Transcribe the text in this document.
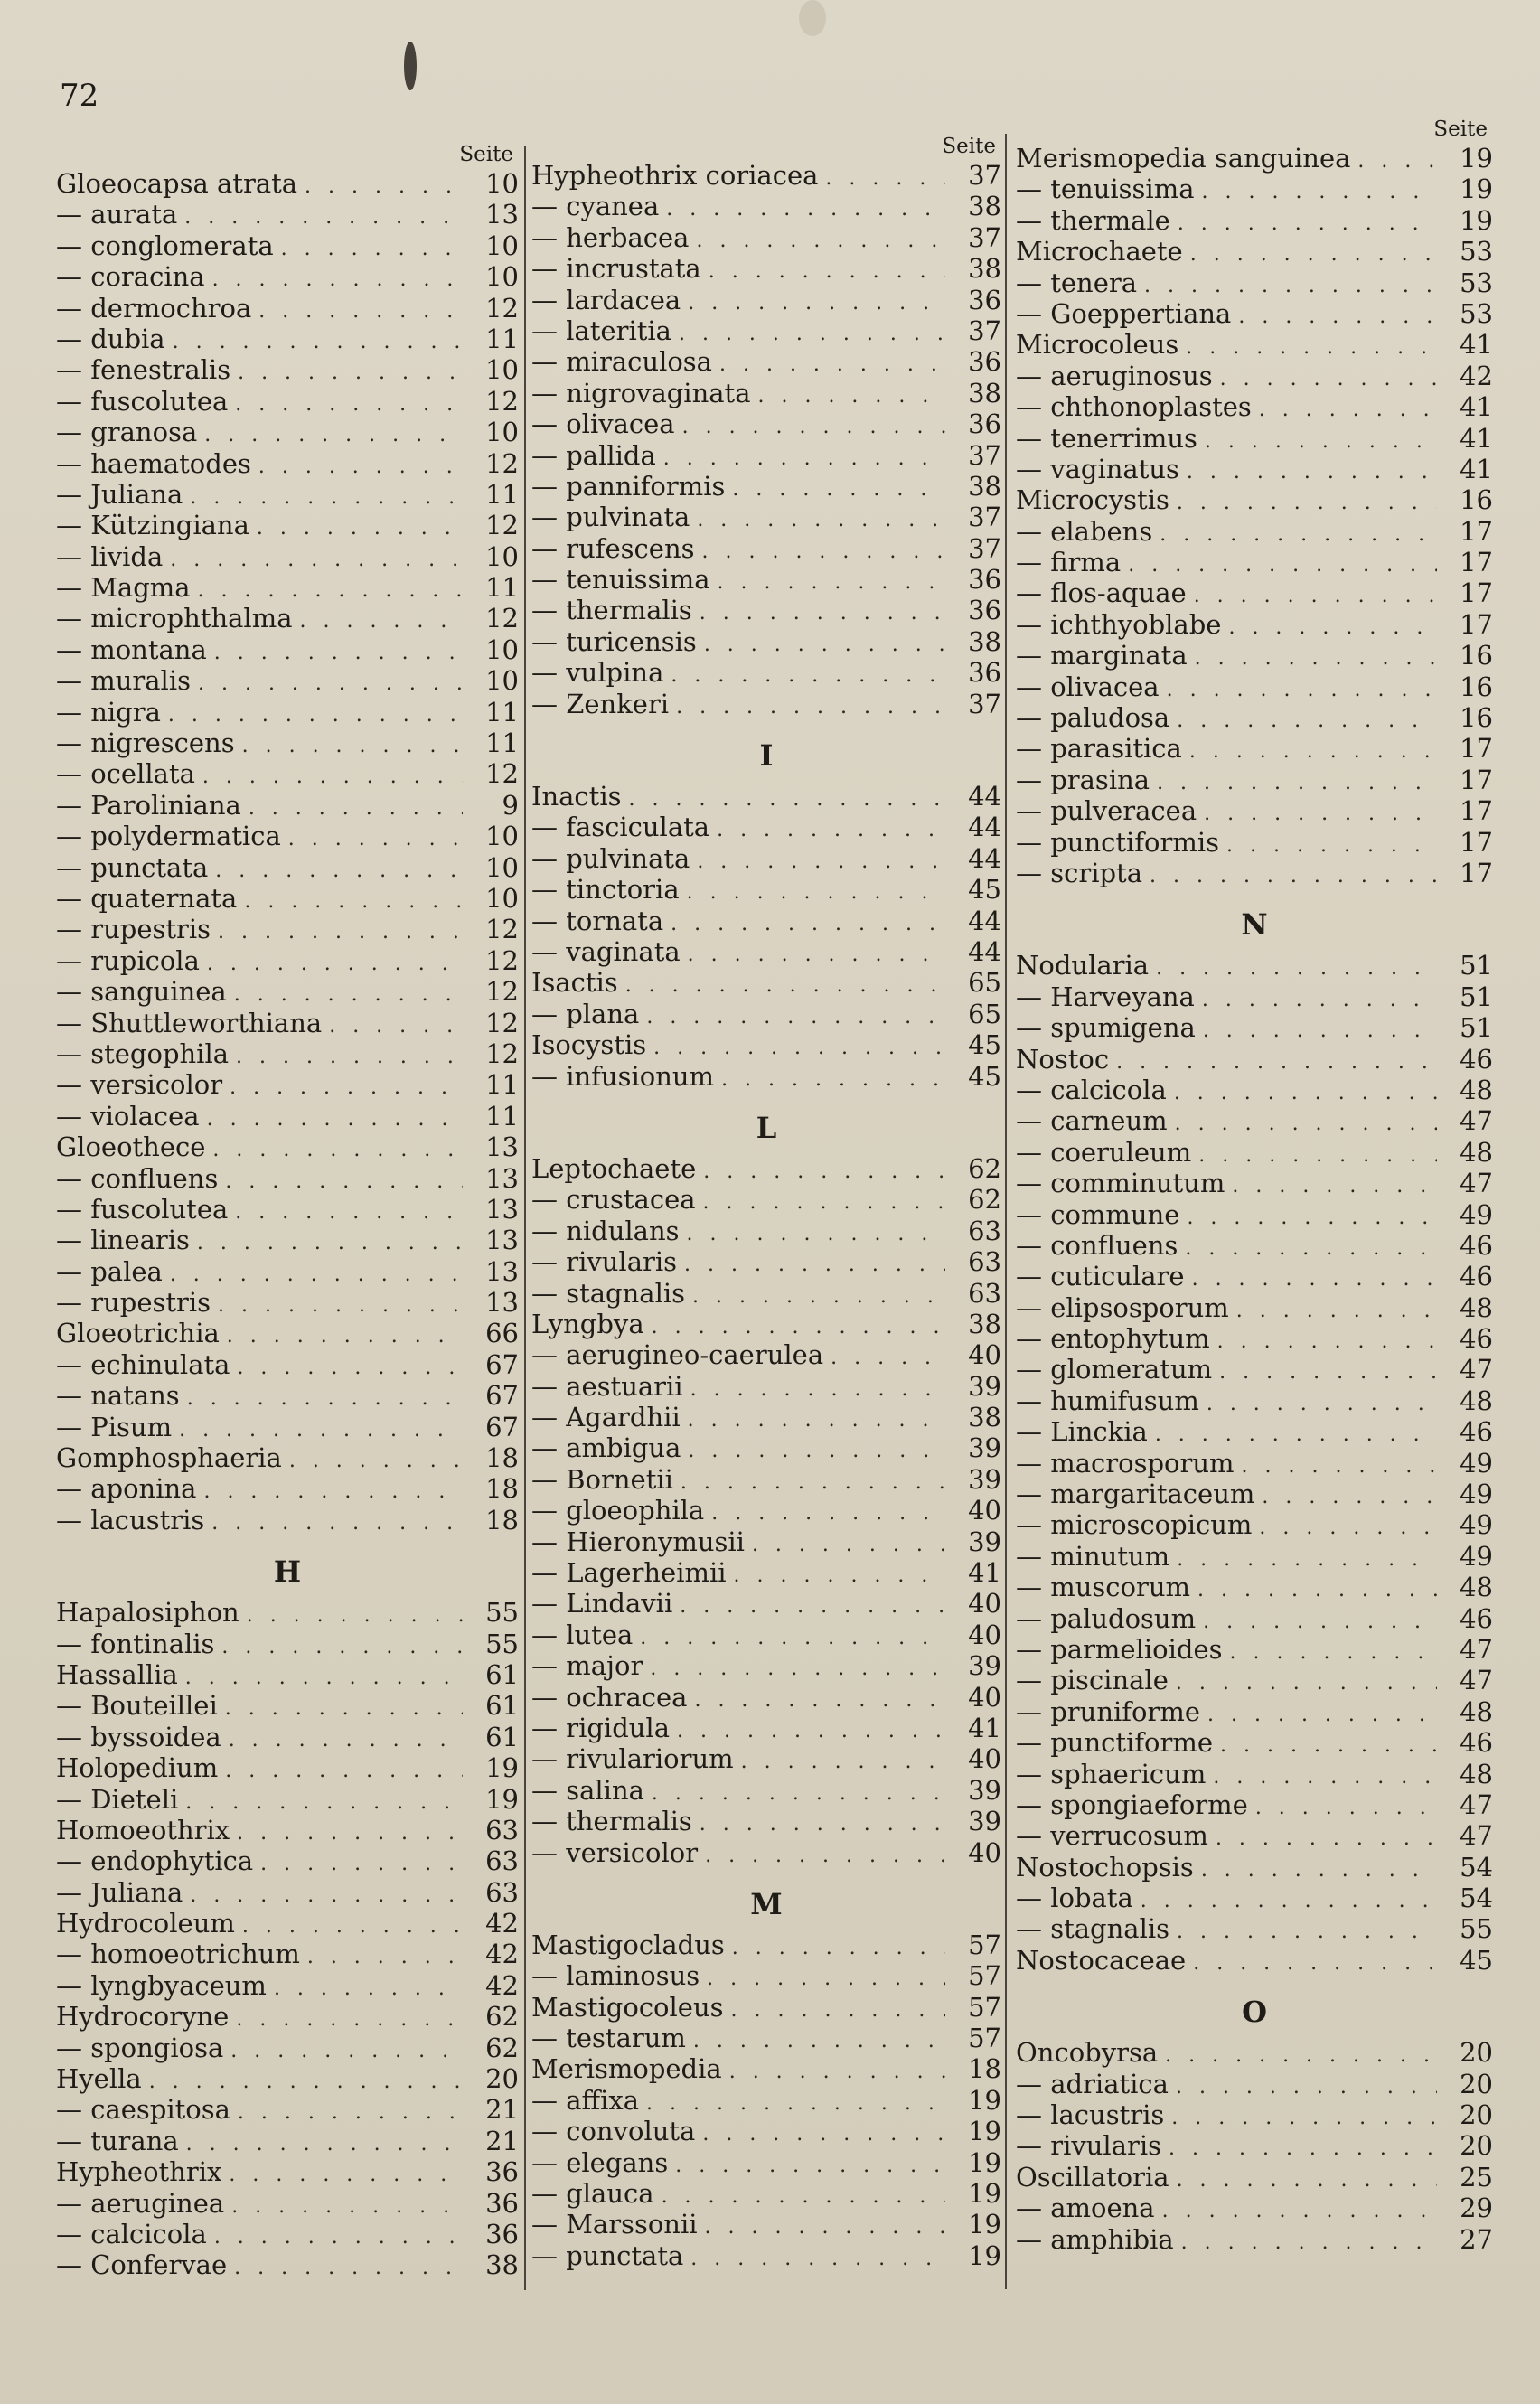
72
Seite
Gloeocapsa atrata . . .	10
— aurata . . .	13
— conglomerata . . .	10
— coracina . . .	10
— dermochroa . . .	12
— dubia . . .	11
— fenestralis . . .	10
— fuscolutea . . .	12
— granosa . . .	10
— haematodes . . .	12
— Juliana . . .	11
— Kützingiana . . .	12
— livida . . .	10
— Magma . . .	11
— microphthalma . . .	12
— montana . . .	10
— muralis . . .	10
— nigra . . .	11
— nigrescens . . .	11
— ocellata . . .	12
— Paroliniana . . .	9
— polydermatica . . .	10
— punctata . . .	10
— quaternata . . .	10
— rupestris . . .	12
— rupicola . . .	12
— sanguinea . . .	12
— Shuttleworthiana . . .	12
— stegophila . . .	12
— versicolor . . .	11
— violacea . . .	11
Gloeothece . . .	13
— confluens . . .	13
— fuscolutea . . .	13
— linearis . . .	13
— palea . . .	13
— rupestris . . .	13
Gloeotrichia . . .	66
— echinulata . . .	67
— natans . . .	67
— Pisum . . .	67
Gomphosphaeria . . .	18
— aponina . . .	18
— lacustris . . .	18
H
Hapalosiphon . . .	55
— fontinalis . . .	55
Hassallia . . .	61
— Bouteillei . . .	61
— byssoidea . . .	61
Holopedium . . .	19
— Dieteli . . .	19
Homoeothrix . . .	63
— endophytica . . .	63
— Juliana . . .	63
Hydrocoleum . . .	42
— homoeotrichum . . .	42
— lyngbyaceum . . .	42
Hydrocoryne . . .	62
— spongiosa . . .	62
Hyella . . .	20
— caespitosa . . .	21
— turana . . .	21
Hypheothrix . . .	36
— aeruginea . . .	36
— calcicola . . .	36
— Confervae . . .	38
Seite
Hypheothrix coriacea . . .	37
— cyanea . . .	38
— herbacea . . .	37
— incrustata . . .	38
— lardacea . . .	36
— lateritia . . .	37
— miraculosa . . .	36
— nigrovaginata . . .	38
— olivacea . . .	36
— pallida . . .	37
— panniformis . . .	38
— pulvinata . . .	37
— rufescens . . .	37
— tenuissima . . .	36
— thermalis . . .	36
— turicensis . . .	38
— vulpina . . .	36
— Zenkeri . . .	37
I
Inactis . . .	44
— fasciculata . . .	44
— pulvinata . . .	44
— tinctoria . . .	45
— tornata . . .	44
— vaginata . . .	44
Isactis . . .	65
— plana . . .	65
Isocystis . . .	45
— infusionum . . .	45
L
Leptochaete . . .	62
— crustacea . . .	62
— nidulans . . .	63
— rivularis . . .	63
— stagnalis . . .	63
Lyngbya . . .	38
— aerugineo-caerulea . . .	40
— aestuarii . . .	39
— Agardhii . . .	38
— ambigua . . .	39
— Bornetii . . .	39
— gloeophila . . .	40
— Hieronymusii . . .	39
— Lagerheimii . . .	41
— Lindavii . . .	40
— lutea . . .	40
— major . . .	39
— ochracea . . .	40
— rigidula . . .	41
— rivulariorum . . .	40
— salina . . .	39
— thermalis . . .	39
— versicolor . . .	40
M
Mastigocladus . . .	57
— laminosus . . .	57
Mastigocoleus . . .	57
— testarum . . .	57
Merismopedia . . .	18
— affixa . . .	19
— convoluta . . .	19
— elegans . . .	19
— glauca . . .	19
— Marssonii . . .	19
— punctata . . .	19
Seite
Merismopedia sanguinea . . .	19
— tenuissima . . .	19
— thermale . . .	19
Microchaete . . .	53
— tenera . . .	53
— Goeppertiana . . .	53
Microcoleus . . .	41
— aeruginosus . . .	42
— chthonoplastes . . .	41
— tenerrimus . . .	41
— vaginatus . . .	41
Microcystis . . .	16
— elabens . . .	17
— firma . . .	17
— flos-aquae . . .	17
— ichthyoblabe . . .	17
— marginata . . .	16
— olivacea . . .	16
— paludosa . . .	16
— parasitica . . .	17
— prasina . . .	17
— pulveracea . . .	17
— punctiformis . . .	17
— scripta . . .	17
N
Nodularia . . .	51
— Harveyana . . .	51
— spumigena . . .	51
Nostoc . . .	46
— calcicola . . .	48
— carneum . . .	47
— coeruleum . . .	48
— comminutum . . .	47
— commune . . .	49
— confluens . . .	46
— cuticulare . . .	46
— elipsosporum . . .	48
— entophytum . . .	46
— glomeratum . . .	47
— humifusum . . .	48
— Linckia . . .	46
— macrosporum . . .	49
— margaritaceum . . .	49
— microscopicum . . .	49
— minutum . . .	49
— muscorum . . .	48
— paludosum . . .	46
— parmelioides . . .	47
— piscinale . . .	47
— pruniforme . . .	48
— punctiforme . . .	46
— sphaericum . . .	48
— spongiaeforme . . .	47
— verrucosum . . .	47
Nostochopsis . . .	54
— lobata . . .	54
— stagnalis . . .	55
Nostocaceae . . .	45
O
Oncobyrsa . . .	20
— adriatica . . .	20
— lacustris . . .	20
— rivularis . . .	20
Oscillatoria . . .	25
— amoena . . .	29
— amphibia . . .	27
